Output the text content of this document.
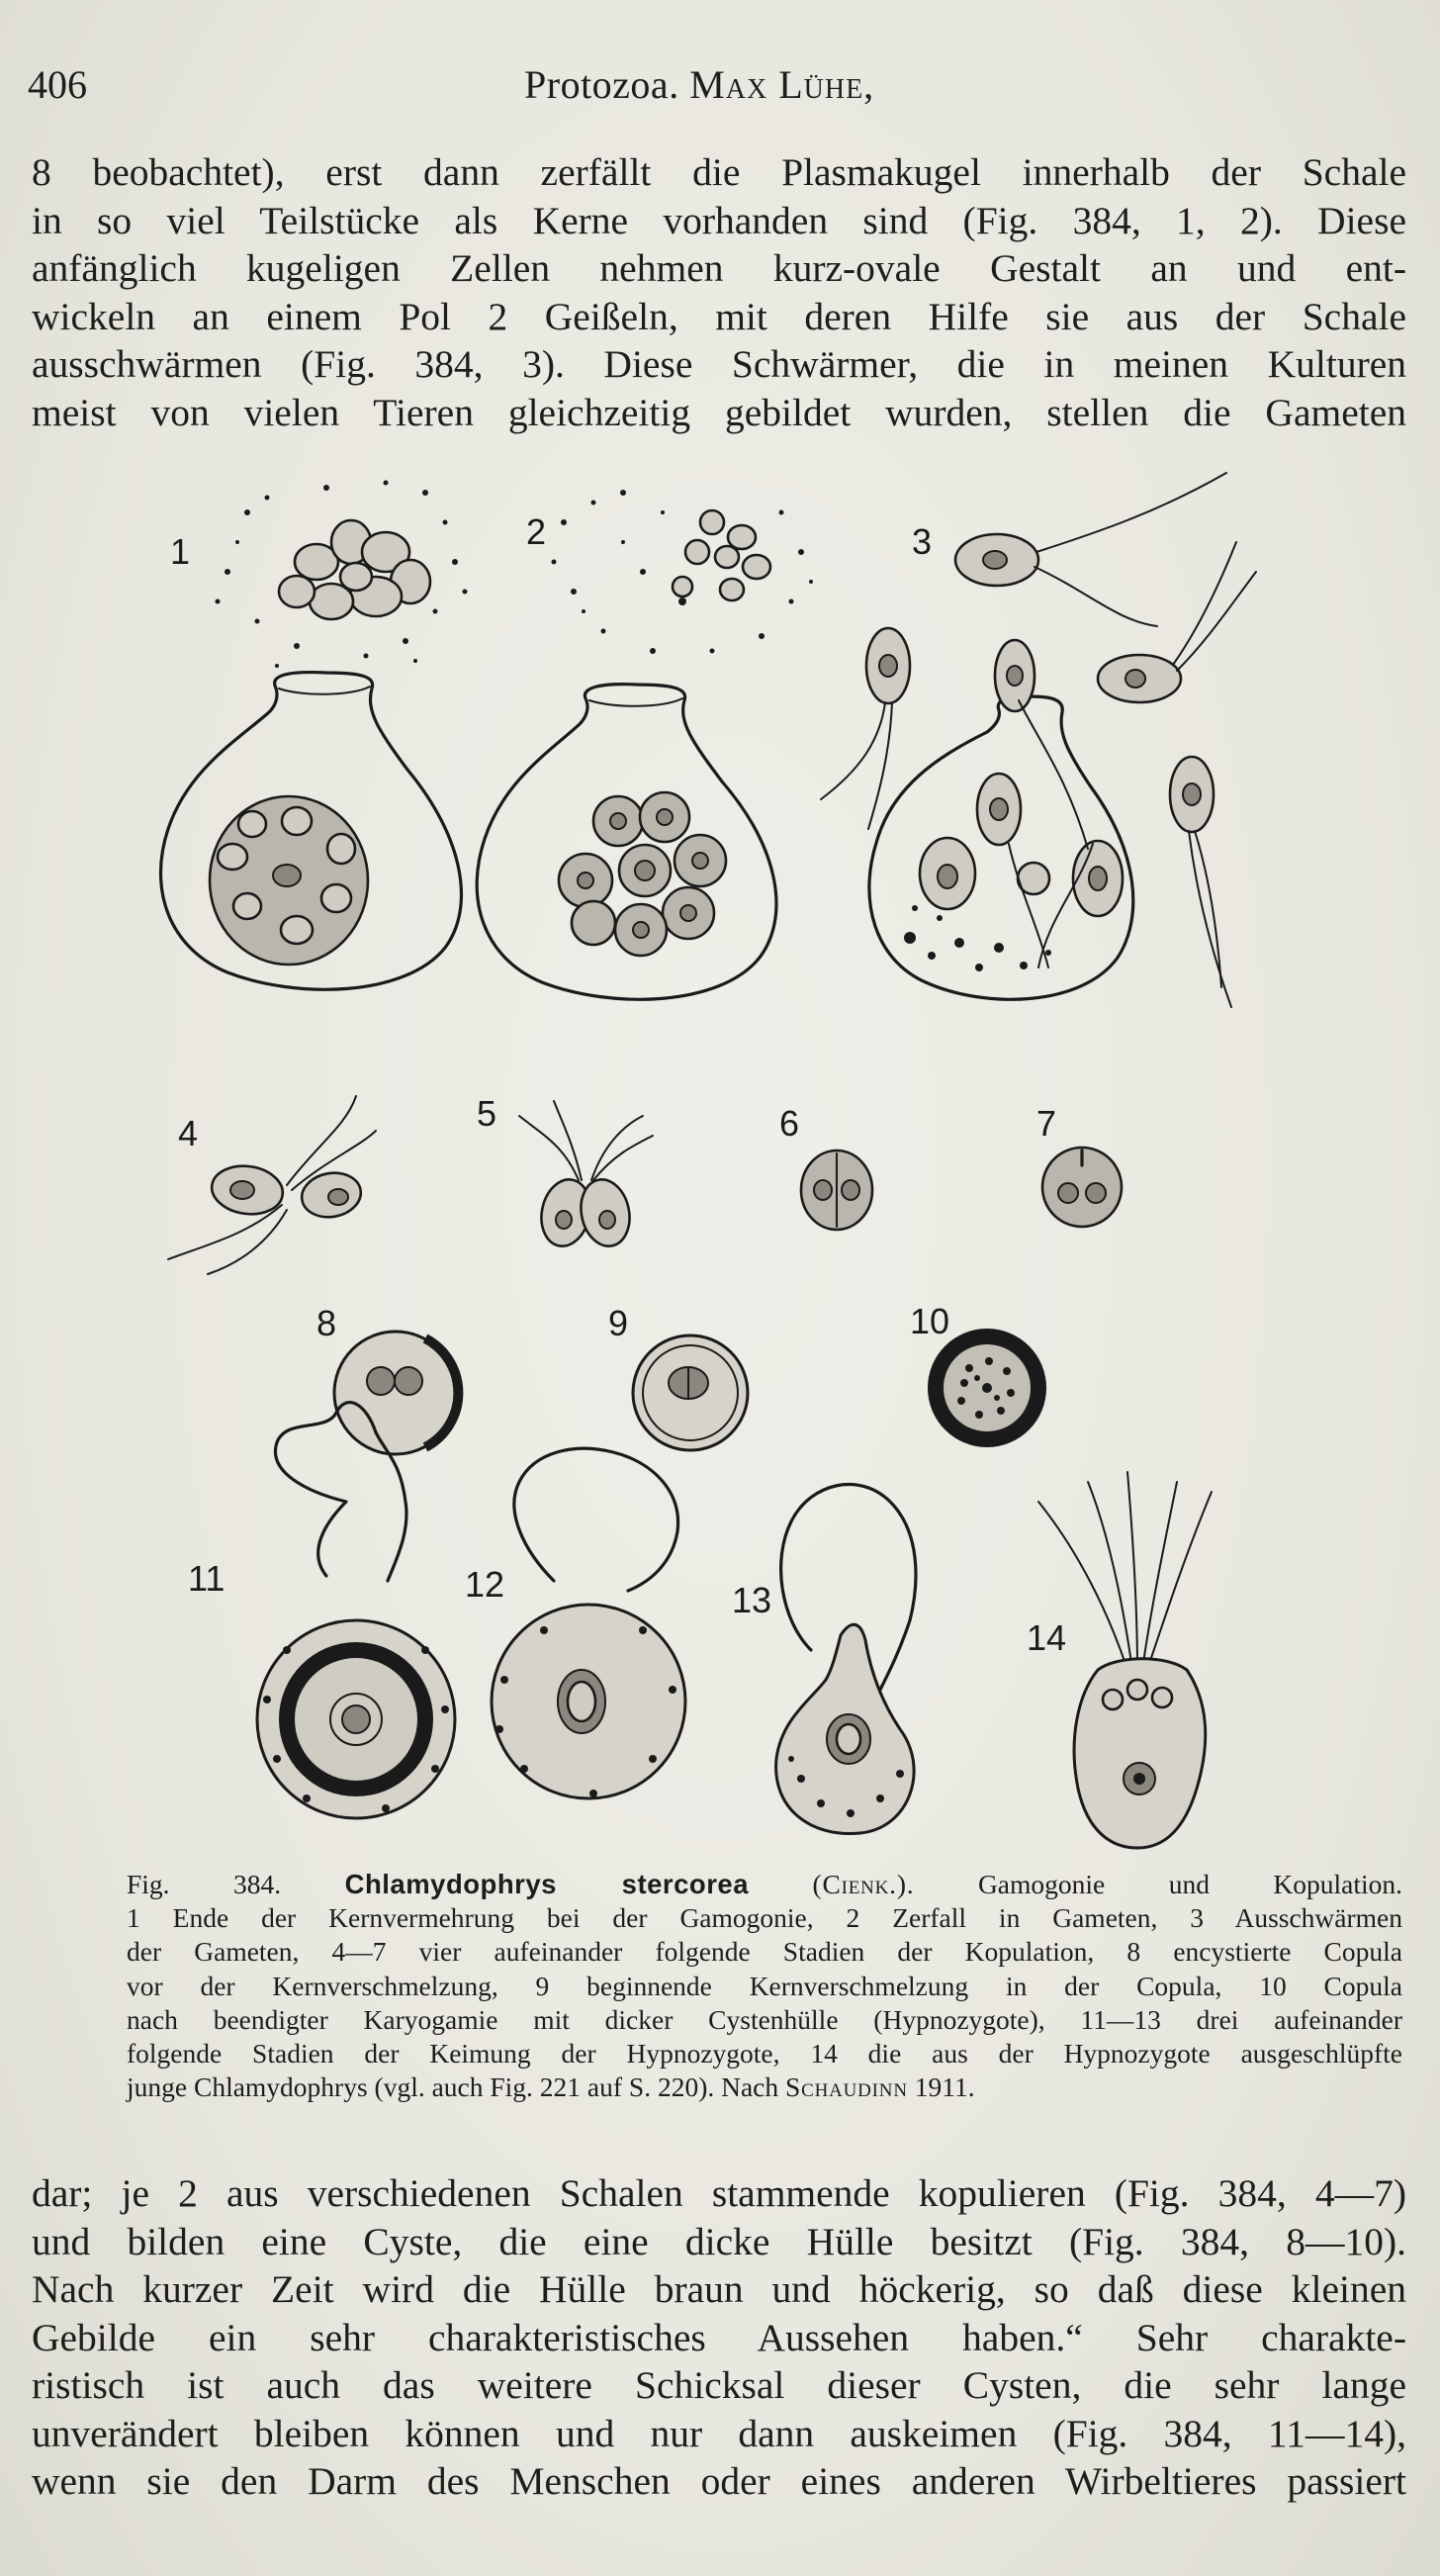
406	Protozoa. Max Lühe,
8 beobachtet), erst dann zerfällt die Plasmakugel innerhalb der Schale
in so viel Teilstücke als Kerne vorhanden sind (Fig. 384, 1, 2). Diese
anfänglich kugeligen Zellen nehmen kurz-ovale Gestalt an und ent-
wickeln an einem Pol 2 Geißeln, mit deren Hilfe sie aus der Schale
ausschwärmen (Fig. 384, 3). Diese Schwärmer, die in meinen Kulturen
meist von vielen Tieren gleichzeitig gebildet wurden, stellen die Gameten
1	2	3
4	5	6	7
8	9	10
11	12	13
14
Fig. 384. Chlamydophrys stercorea (Cienk.). Gamogonie und Kopulation.
1 Ende der Kernvermehrung bei der Gamogonie, 2 Zerfall in Gameten, 3 Ausschwärmen
der Gameten, 4—7 vier aufeinander folgende Stadien der Kopulation, 8 encystierte Copula
vor der Kernverschmelzung, 9 beginnende Kernverschmelzung in der Copula, 10 Copula
nach beendigter Karyogamie mit dicker Cystenhülle (Hypnozygote), 11—13 drei aufeinander
folgende Stadien der Keimung der Hypnozygote, 14 die aus der Hypnozygote ausgeschlüpfte
junge Chlamydophrys (vgl. auch Fig. 221 auf S. 220). Nach Schaudinn 1911.
dar; je 2 aus verschiedenen Schalen stammende kopulieren (Fig. 384, 4—7)
und bilden eine Cyste, die eine dicke Hülle besitzt (Fig. 384, 8—10).
Nach kurzer Zeit wird die Hülle braun und höckerig, so daß diese kleinen
Gebilde ein sehr charakteristisches Aussehen haben.“ Sehr charakte-
ristisch ist auch das weitere Schicksal dieser Cysten, die sehr lange
unverändert bleiben können und nur dann auskeimen (Fig. 384, 11—14),
wenn sie den Darm des Menschen oder eines anderen Wirbeltieres passiert
